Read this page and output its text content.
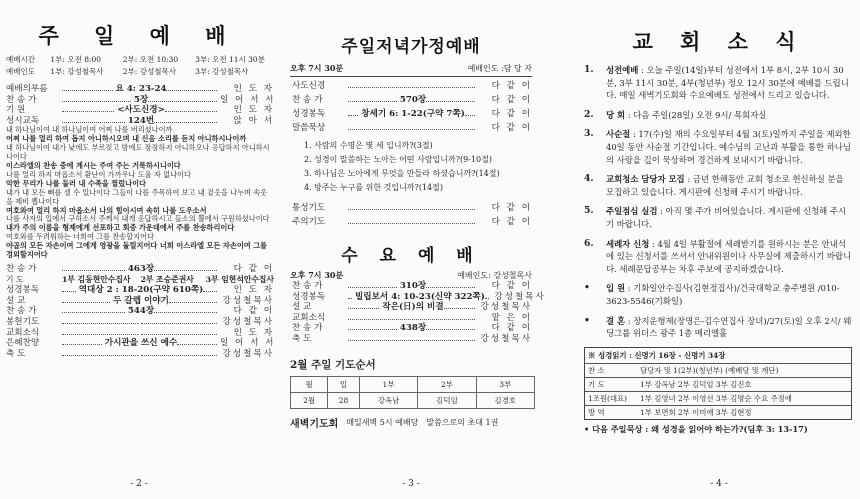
주 일 예 배
예배시간 1부: 오전 8:00	2부: 오전 10:30 3부: 오전 11시 30분
예배인도 1부: 강성철목사	2부: 강성철목사	3부: 강성철목사
예배의부름	요 4: 23-24	인 도 자
찬 송 가	5장	일 어 서 서
기 원	<사도신경>	인 도 자
성시교독	124번	앉 아 서

내 하나님이여 내 하나님이여 어찌 나를 버리셨나이까

어찌 나를 멀리 하여 돕지 아니하시오며 내 신음 소리를 듣지 아니하시나이까

내 하나님이여 내가 낮에도 부르짖고 밤에도 잠잠하지 아니하오나 응답하지 아니하시나이다

이스라엘의 찬송 중에 계시는 주여 주는 거룩하시니이다

나를 멀리 하지 마옵소서 환난이 가까우나 도울 자 없나이다

악한 무리가 나를 둘러 내 수족을 찔렀나이다

내가 내 모든 뼈를 셀 수 있나이다 그들이 나를 주목하여 보고 내 겉옷을 나누며 속옷을 제비 뽑나이다

여호와여 멀리 하지 마옵소서 나의 힘이시여 속히 나를 도우소서

나를 사자의 입에서 구하소서 주께서 내게 응답하시고 들소의 뿔에서 구원하셨나이다

내가 주의 이름을 형제에게 선포하고 회중 가운데에서 주를 찬송하리이다

여호와를 두려워하는 너희여 그를 찬송할지어다

야곱의 모든 자손이여 그에게 영광을 돌릴지어다 너희 이스라엘 모든 자손이여 그를 경외할지어다

찬 송 가	463장	다 같 이
기 도	1부 김동현안수집사	2부 조승준권사	3부 임현석안수집사
성경봉독	역대상 2 : 18-20(구약 610쪽)	인 도 자
설 교	두 갈렙 이야기	강성철목사
찬 송 가	544장	다 같 이
봉헌기도	강성철목사
교회소식	인 도 자
은혜찬양	가시관을 쓰신 예수	일 어 서 서
축 도	강성철목사
- 2 -
주일저녁가정예배
오후 7시 30분	예배인도 :담 당 자
사도신경	다 같 이
찬 송 가	570장	다 같 이
성경봉독	창세기 6: 1-22(구약 7쪽)	다 같 이
말씀묵상	다 같 이
1. 사람의 수명은 몇 세 입니까?(3절)
2. 성경이 말씀하는 노아는 어떤 사람입니까?(9-10절)
3. 하나님은 노아에게 무엇을 만들라 하셨습니까?(14절)
4. 방주는 누구를 위한 것입니까?(14절)
통성기도	다 같 이
주의기도	다 같 이
수 요 예 배
오후 7시 30분	예배인도: 강성철목사
찬 송 가	310장	다 같 이
성경봉독	빌립보서 4: 10-23(신약 322쪽) 강성철목사
설 교	작은(日)의 비결	강성철목사
교회소식	맡 은 이
찬 송 가	438장	다 같 이
축 도	강성철목사
2월 주일 기도순서
월	일	1부	2부	3부
2월	28	강옥남	김덕임	김경호
새벽기도회 매일새벽 5시 예배당 말씀으로의 초대 1권
- 3 -
교 회 소 식
1.	성전예배 : 오늘 주일(14일)부터 성전에서 1부 8시, 2부 10시 30분, 3부 11시 30분, 4부(청년부) 정오 12시 30분에 예배를 드립니다. 매일 새벽기도회와 수요예배도 성전에서 드리고 있습니다.
2.	당 회 : 다음 주일(28일) 오전 9시/ 목회자실
3.	사순절 : 17(수)일 재의 수요일부터 4월 3(토)일까지 주일을 제외한 40일 동안 사순절 기간입니다. 예수님의 고난과 부활을 통한 하나님의 사랑을 깊이 묵상하며 경건하게 보내시기 바랍니다.
4.	교회청소 담당자 모집 : 금년 한해동안 교회 청소로 헌신하실 분을 모집하고 있습니다. 게시판에 신청해 주시기 바랍니다.
5.	주일점심 실검 : 아직 몇 주가 비어있습니다. 게시판에 신청해 주시기 바랍니다.
6.	세례자 신청 : 4월 4일 부활절에 세례받기를 원하시는 분은 안내석에 있는 신청서를 쓰셔서 안내위원이나 사무실에 제출하시기 바랍니다. 세례문답공부는 차후 주보에 공지하겠습니다.
•	입 원 : 기화일안수집사(김현정집사)/건국대학교 충주병원 /010-3623-5546(기화일)
•	결 혼 : 장지운형제(장명은-김수연집사 장녀)/27(토)일 오후 2시/ 웨딩그룹 위더스 광주 1층 메리엘홀
※ 성경읽기 : 신명기 16장 - 신명기 34장
찬 소	담당자 및 1(2부)(청년부) (예배당 및 계단)
기 도	1부 강옥남 2부 김덕임 3부 김진호
1조원(대표)	1부 김영녀 2부 이영선 3부 김명순 수요 주정애
방 역	1부 보면희 2부 이미애 3부 김현정
• 다음 주일묵상 : 왜 성경을 읽어야 하는가?(딤후 3: 13-17)
- 4 -
